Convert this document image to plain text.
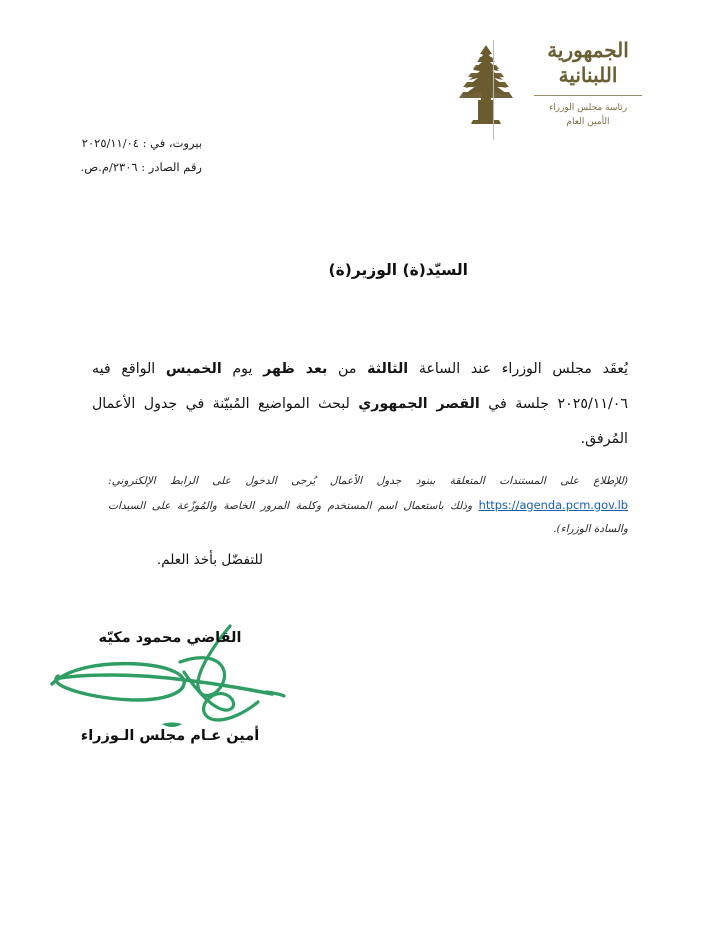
الجمهورية
اللبنانية
رئاسة مجلس الوزراء
الأمين العام
بيروت، في : ٢٠٢٥/١١/٠٤
رقم الصادر : ٢٣٠٦/م.ص.
السيّد(ة) الوزير(ة)
يُعقَد مجلس الوزراء عند الساعة الثالثة من بعد ظهر يوم الخميس الواقع فيه ٢٠٢٥/١١/٠٦ جلسة في القصر الجمهوري لبحث المواضيع المُبيّنة في جدول الأعمال المُرفق.
(للإطلاع على المستندات المتعلقة ببنود جدول الأعمال يُرجى الدخول على الرابط الإلكتروني: https://agenda.pcm.gov.lb وذلك باستعمال اسم المستخدم وكلمة المرور الخاصة والمُوزّعة على السيدات والسادة الوزراء).
للتفضّل بأخذ العلم.
القاضي محمود مكيّه
أمين عـام مجلس الـوزراء
